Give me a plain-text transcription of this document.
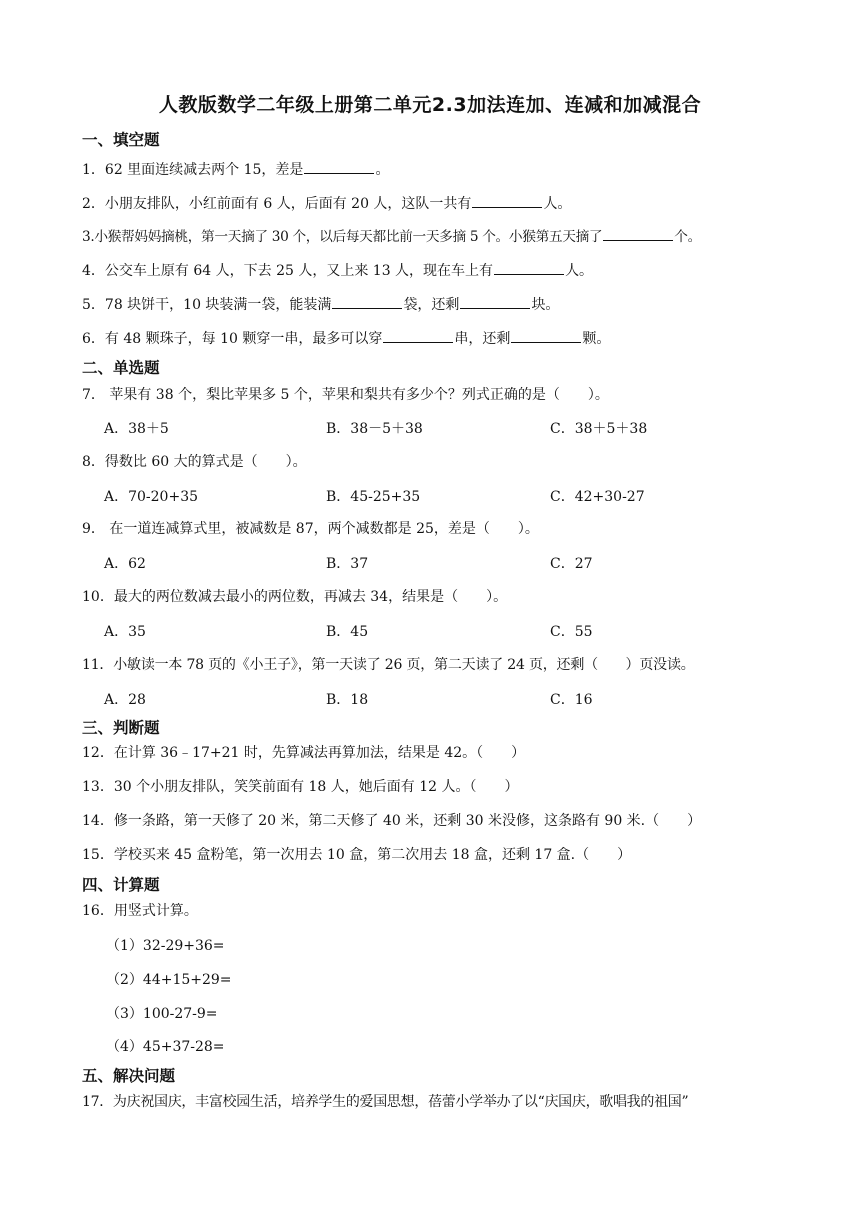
人教版数学二年级上册第二单元2.3加法连加、连减和加减混合
一、填空题
1．62 里面连续减去两个 15，差是	。
2．小朋友排队，小红前面有 6 人，后面有 20 人，这队一共有	人。
3.小猴帮妈妈摘桃，第一天摘了 30 个，以后每天都比前一天多摘 5 个。小猴第五天摘了	个。
4．公交车上原有 64 人，下去 25 人，又上来 13 人，现在车上有	人。
5．78 块饼干，10 块装满一袋，能装满	袋，还剩	块。
6．有 48 颗珠子，每 10 颗穿一串，最多可以穿	串，还剩	颗。
二、单选题
7． 苹果有 38 个，梨比苹果多 5 个，苹果和梨共有多少个？列式正确的是（　　）。
A．38＋5	B．38－5＋38	C．38＋5＋38
8．得数比 60 大的算式是（　　）。
A．70-20+35	B．45-25+35	C．42+30-27
9． 在一道连减算式里，被减数是 87，两个减数都是 25，差是（　　）。
A．62	B．37	C．27
10．最大的两位数减去最小的两位数，再减去 34，结果是（　　）。
A．35	B．45	C．55
11．小敏读一本 78 页的《小王子》，第一天读了 26 页，第二天读了 24 页，还剩（　　）页没读。
A．28	B．18	C．16
三、判断题
12．在计算 36﹣17+21 时，先算减法再算加法，结果是 42。（　　）
13．30 个小朋友排队，笑笑前面有 18 人，她后面有 12 人。（　　）
14．修一条路，第一天修了 20 米，第二天修了 40 米，还剩 30 米没修，这条路有 90 米.（　　）
15．学校买来 45 盒粉笔，第一次用去 10 盒，第二次用去 18 盒，还剩 17 盒.（　　）
四、计算题
16．用竖式计算。
（1）32-29+36=
（2）44+15+29=
（3）100-27-9=
（4）45+37-28=
五、解决问题
17．为庆祝国庆，丰富校园生活，培养学生的爱国思想，蓓蕾小学举办了以“庆国庆，歌唱我的祖国”
